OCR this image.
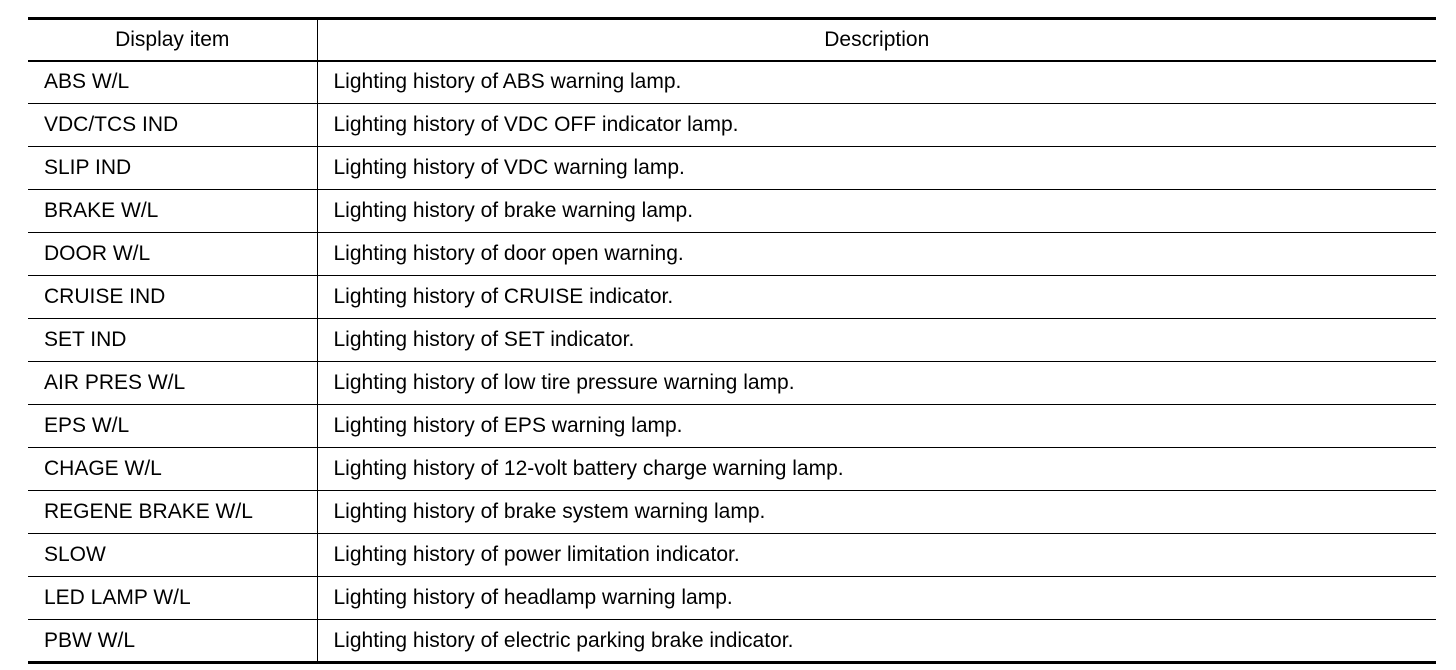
Display item	Description
ABS W/L	Lighting history of ABS warning lamp.
VDC/TCS IND	Lighting history of VDC OFF indicator lamp.
SLIP IND	Lighting history of VDC warning lamp.
BRAKE W/L	Lighting history of brake warning lamp.
DOOR W/L	Lighting history of door open warning.
CRUISE IND	Lighting history of CRUISE indicator.
SET IND	Lighting history of SET indicator.
AIR PRES W/L	Lighting history of low tire pressure warning lamp.
EPS W/L	Lighting history of EPS warning lamp.
CHAGE W/L	Lighting history of 12-volt battery charge warning lamp.
REGENE BRAKE W/L	Lighting history of brake system warning lamp.
SLOW	Lighting history of power limitation indicator.
LED LAMP W/L	Lighting history of headlamp warning lamp.
PBW W/L	Lighting history of electric parking brake indicator.
